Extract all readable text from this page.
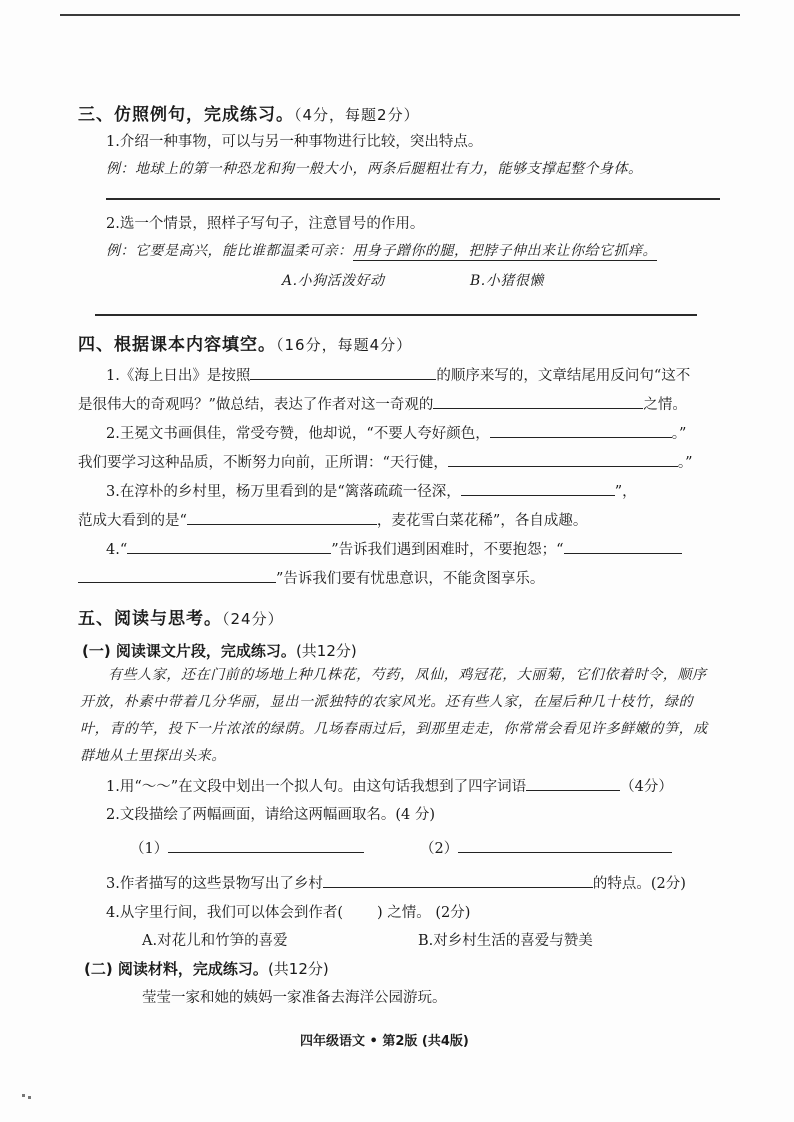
三、仿照例句，完成练习。（4分，每题2分）
1.介绍一种事物，可以与另一种事物进行比较，突出特点。
例：地球上的第一种恐龙和狗一般大小，两条后腿粗壮有力，能够支撑起整个身体。
2.选一个情景，照样子写句子，注意冒号的作用。
例：它要是高兴，能比谁都温柔可亲：用身子蹭你的腿，把脖子伸出来让你给它抓痒。
A.小狗活泼好动	B.小猪很懒
四、根据课本内容填空。（16分，每题4分）
1.《海上日出》是按照	的顺序来写的，文章结尾用反问句“这不
是很伟大的奇观吗？”做总结，表达了作者对这一奇观的	之情。
2.王冕文书画俱佳，常受夸赞，他却说，“不要人夸好颜色，	。”
我们要学习这种品质，不断努力向前，正所谓：“天行健，	。”
3.在淳朴的乡村里，杨万里看到的是“篱落疏疏一径深，	”，
范成大看到的是“	，麦花雪白菜花稀”，各自成趣。
4.“	”告诉我们遇到困难时，不要抱怨；“
”告诉我们要有忧患意识，不能贪图享乐。
五、阅读与思考。（24分）
(一) 阅读课文片段，完成练习。(共12分)
有些人家，还在门前的场地上种几株花，芍药，凤仙，鸡冠花，大丽菊，它们依着时令，顺序开放，朴素中带着几分华丽，显出一派独特的农家风光。还有些人家，在屋后种几十枝竹，绿的叶，青的竿，投下一片浓浓的绿荫。几场春雨过后，到那里走走，你常常会看见许多鲜嫩的笋，成群地从土里探出头来。
1.用“～～”在文段中划出一个拟人句。由这句话我想到了四字词语	（4分）
2.文段描绘了两幅画面，请给这两幅画取名。(4 分)
（1）	（2）
3.作者描写的这些景物写出了乡村	的特点。(2分)
4.从字里行间，我们可以体会到作者( ) 之情。 (2分)
A.对花儿和竹笋的喜爱	B.对乡村生活的喜爱与赞美
(二) 阅读材料，完成练习。(共12分)
莹莹一家和她的姨妈一家准备去海洋公园游玩。
四年级语文 • 第2版 (共4版)
